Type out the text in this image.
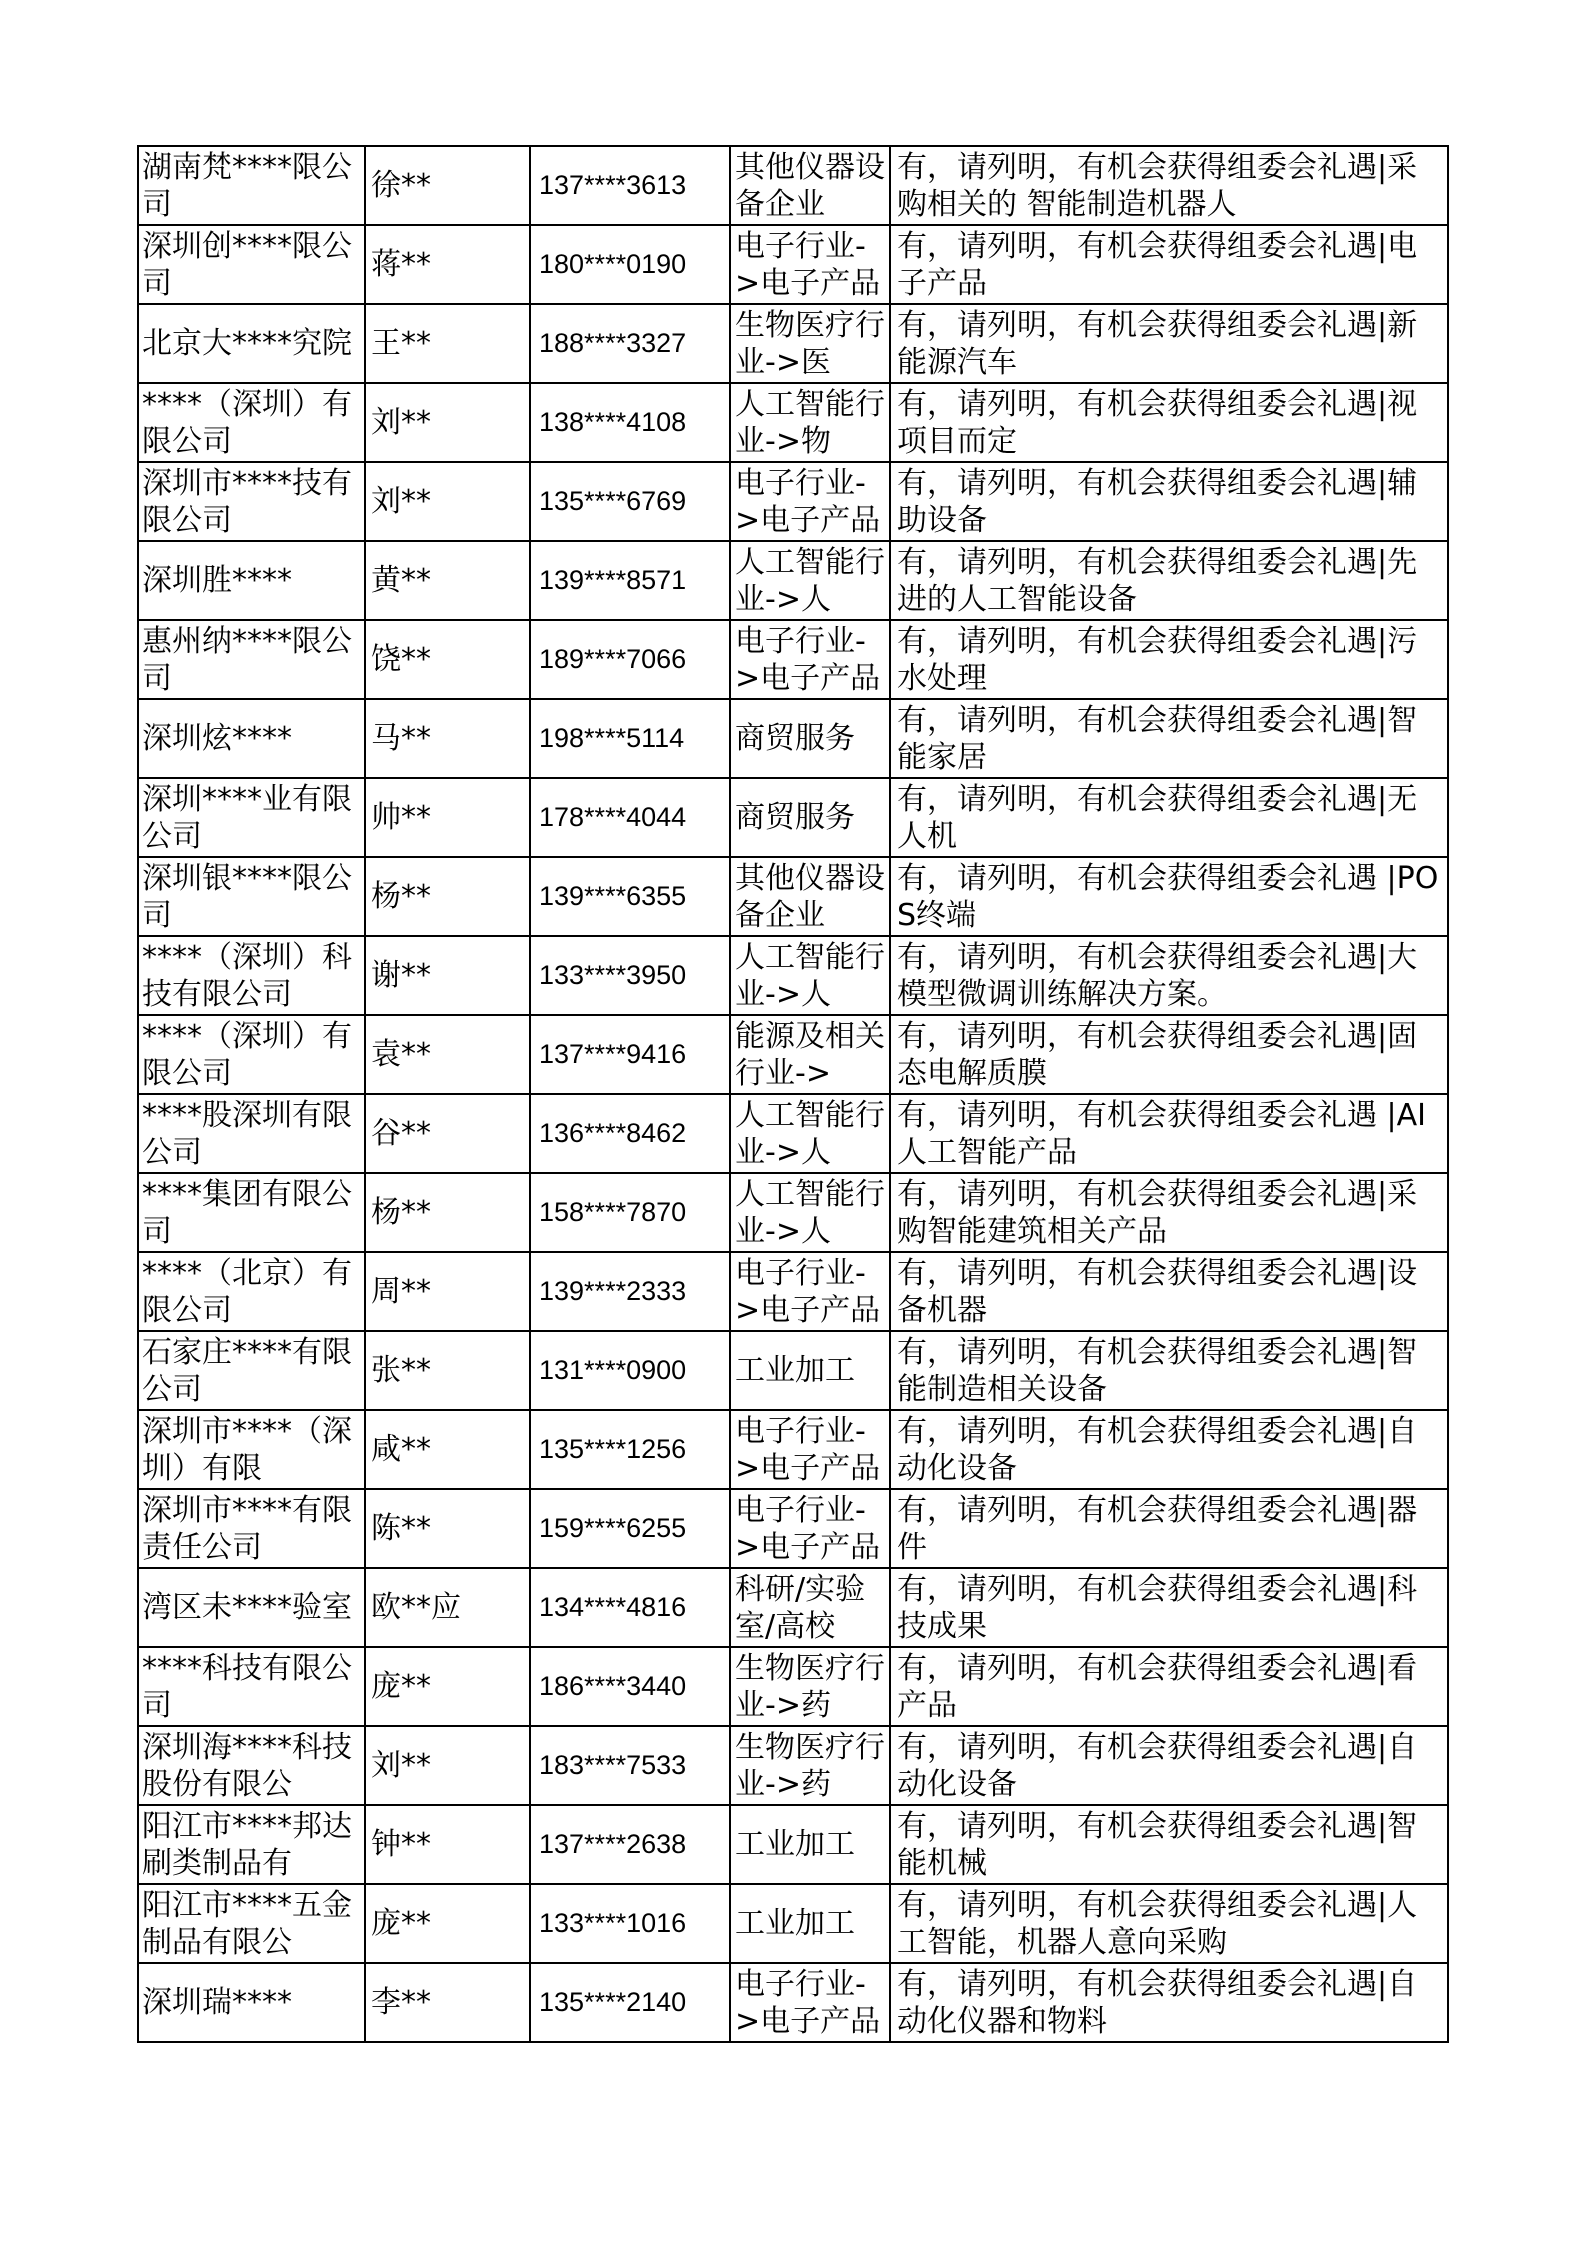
湖南梵****限公司	徐**	137****3613	其他仪器设备企业	有，请列明，有机会获得组委会礼遇|采购相关的 智能制造机器人

深圳创****限公司	蒋**	180****0190	电子行业->电子产品	有，请列明，有机会获得组委会礼遇|电子产品

北京大****究院	王**	188****3327	生物医疗行业->医	有，请列明，有机会获得组委会礼遇|新能源汽车

****（深圳）有限公司	刘**	138****4108	人工智能行业->物	有，请列明，有机会获得组委会礼遇|视项目而定

深圳市****技有限公司	刘**	135****6769	电子行业->电子产品	有，请列明，有机会获得组委会礼遇|辅助设备

深圳胜****	黄**	139****8571	人工智能行业->人	有，请列明，有机会获得组委会礼遇|先进的人工智能设备

惠州纳****限公司	饶**	189****7066	电子行业->电子产品	有，请列明，有机会获得组委会礼遇|污水处理

深圳炫****	马**	198****5114	商贸服务	有，请列明，有机会获得组委会礼遇|智能家居

深圳****业有限公司	帅**	178****4044	商贸服务	有，请列明，有机会获得组委会礼遇|无人机

深圳银****限公司	杨**	139****6355	其他仪器设备企业	有，请列明，有机会获得组委会礼遇 |POS终端

****（深圳）科技有限公司	谢**	133****3950	人工智能行业->人	有，请列明，有机会获得组委会礼遇|大模型微调训练解决方案。

****（深圳）有限公司	袁**	137****9416	能源及相关行业->	有，请列明，有机会获得组委会礼遇|固态电解质膜

****股深圳有限公司	谷**	136****8462	人工智能行业->人	有，请列明，有机会获得组委会礼遇 |AI人工智能产品

****集团有限公司	杨**	158****7870	人工智能行业->人	有，请列明，有机会获得组委会礼遇|采购智能建筑相关产品

****（北京）有限公司	周**	139****2333	电子行业->电子产品	有，请列明，有机会获得组委会礼遇|设备机器

石家庄****有限公司	张**	131****0900	工业加工	有，请列明，有机会获得组委会礼遇|智能制造相关设备

深圳市****（深圳）有限	咸**	135****1256	电子行业->电子产品	有，请列明，有机会获得组委会礼遇|自动化设备

深圳市****有限责任公司	陈**	159****6255	电子行业->电子产品	有，请列明，有机会获得组委会礼遇|器件

湾区未****验室	欧**应	134****4816	科研/实验室/高校	有，请列明，有机会获得组委会礼遇|科技成果

****科技有限公司	庞**	186****3440	生物医疗行业->药	有，请列明，有机会获得组委会礼遇|看产品

深圳海****科技股份有限公	刘**	183****7533	生物医疗行业->药	有，请列明，有机会获得组委会礼遇|自动化设备

阳江市****邦达刷类制品有	钟**	137****2638	工业加工	有，请列明，有机会获得组委会礼遇|智能机械

阳江市****五金制品有限公	庞**	133****1016	工业加工	有，请列明，有机会获得组委会礼遇|人工智能，机器人意向采购

深圳瑞****	李**	135****2140	电子行业->电子产品	有，请列明，有机会获得组委会礼遇|自动化仪器和物料
